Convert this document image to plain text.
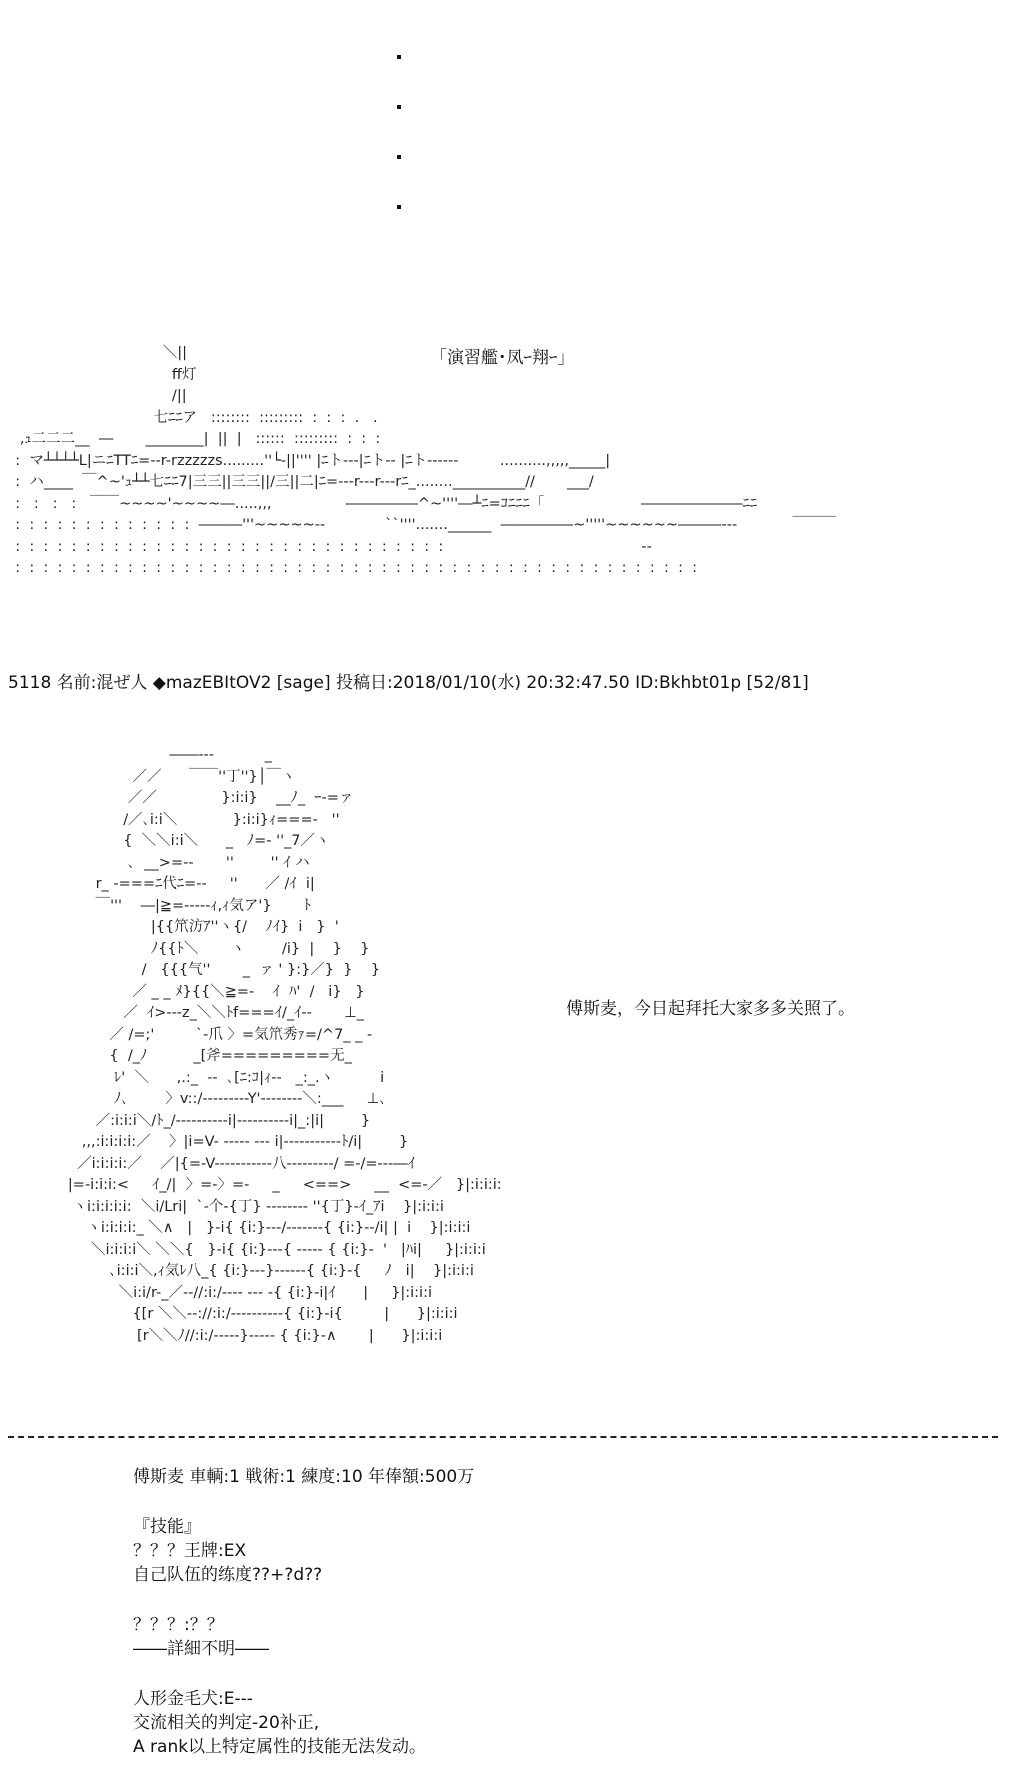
＼||
ff灯
/||
七ﾆﾆア   ::::::::  :::::::::  :  :  :  .   .
,ｭ二二二__  ―       ________|  ||  |   ::::::  :::::::::  :  :  :
:  マ┴┴┴┴L|ニﾆTTﾆ=--r-rzzzzzs.........''└‐||'''' |ﾆト---|ﾆト-- |ﾆト------         ..........,,,,,_____|
:  ハ____  ￣^~'ｭ┴┴七ﾆﾆ7|三三||三三||/三||二|ﾆ=---r---r---rﾆ_........__________//       ___/
:   :   :   :   ￣￣~~~~'~~~~―.....,,,                ―――――^~''''―┴ﾆ=ｺﾆﾆﾆ「                     ―――――――ﾆﾆ
:  :  :  :  :  :  :  :  :  :  :  :  :  ―――'''~~~~~--             ``''''.......______  ―――――~'''''~~~~~~―――---            ￣￣￣
:  :  :  :  :  :  :  :  :  :  :  :  :  :  :  :  :  :  :  :  :  :  :  :  :  :  :  :  :  :  :                                           --
:  :  :  :  :  :  :  :  :  :  :  :  :  :  :  :  :  :  :  :  :  :  :  :  :  :  :  :  :  :  :  :  :  :  :  :  :  :  :  :  :  :  :  :  :  :  :  :  :
「演習艦･凤ｰ翔ｰ」
5118 名前:混ぜ人 ◆mazEBItOV2 [sage] 投稿日:2018/01/10(水) 20:32:47.50 ID:Bkhbt01p [52/81]
――---           _
／／      ￣￣''丁''}│￣ヽ
／／              }:i:i}    __ﾉ_  ｰ-=ァ
/／､i:i＼            }:i:i}ｨ===-   ''
{  ＼＼i:i＼      _   ﾉ=- ''_7／ヽ
､  __>=--       ''        '' ｲ ハ
r_ -===ﾆ代ﾆ=--     ''      ／ /ｲ  i|
￣'''    ―|≧=-----ｨ,ｨ気ア'}       ﾄ
|{{笊汸ｱ''ヽ{/    ﾉｲ}  i   }  '
ﾉ{{ﾄ＼       ヽ        /i}  |    }    }
/   {{{气''       _  ァ ' }:}／}  }    }
／ _ _ ﾒ}{{＼≧=-    ｲ  ﾊ'  /   i}   }
／  ｲ>---z_＼＼ﾄf===ｲ/_ｲ--       ⊥_
／ /=;'         `-爪 〉=気笊秀ｧ=/^7_ _ -
{  /_ﾉ          _[斧=========无_
ﾚ'  ＼      ,.:_  --  ､[ﾆ:ｺ|ｨ--   _:_.ヽ          i
ﾉ､        〉v::/---------Y'--------＼:___     ⊥､
／:i:i:i＼/ﾄ_/----------i|----------i|_:|i|        }
,,,:i:i:i:i:／    〉|i=V- ----- --- i|-----------ﾄ/i|        }
／i:i:i:i:／    ／|{=-V-----------八---------/ =-/=---―ｲ
|=-i:i:i:<     ｲ_/|  〉=-〉=-     _     <==>     __  <=-／   }|:i:i:i:
ヽi:i:i:i:i:  ＼i/Lri|  `-个-{丁} -------- ''{丁}-ｲ_ｱi    }|:i:i:i
ヽi:i:i:i:_ ＼∧   |   }-i{ {i:}---/-------{ {i:}--/i| |  i    }|:i:i:i
＼i:i:i:i＼ ＼＼{   }-i{ {i:}---{ ----- { {i:}-  '   |ﾊi|     }|:i:i:i
､i:i:i＼,ｨ気ﾚ八_{ {i:}---}------{ {i:}-{     ﾉ   i|    }|:i:i:i
＼i:i/r-_／--//:i:/---- --- -{ {i:}-i|ｲ      |     }|:i:i:i
{[r ＼＼--://:i:/----------{ {i:}-i{         |      }|:i:i:i
[r＼＼ﾉ//:i:/-----}----- { {i:}-∧       |      }|:i:i:i
傅斯麦，今日起拜托大家多多关照了。
傅斯麦 車輌:1 戦術:1 練度:10 年俸額:500万
『技能』
？？？王牌:EX
自己队伍的练度??+?d??
？？？:？？
――詳細不明――
人形金毛犬:E---
交流相关的判定-20补正,
A rank以上特定属性的技能无法发动。
